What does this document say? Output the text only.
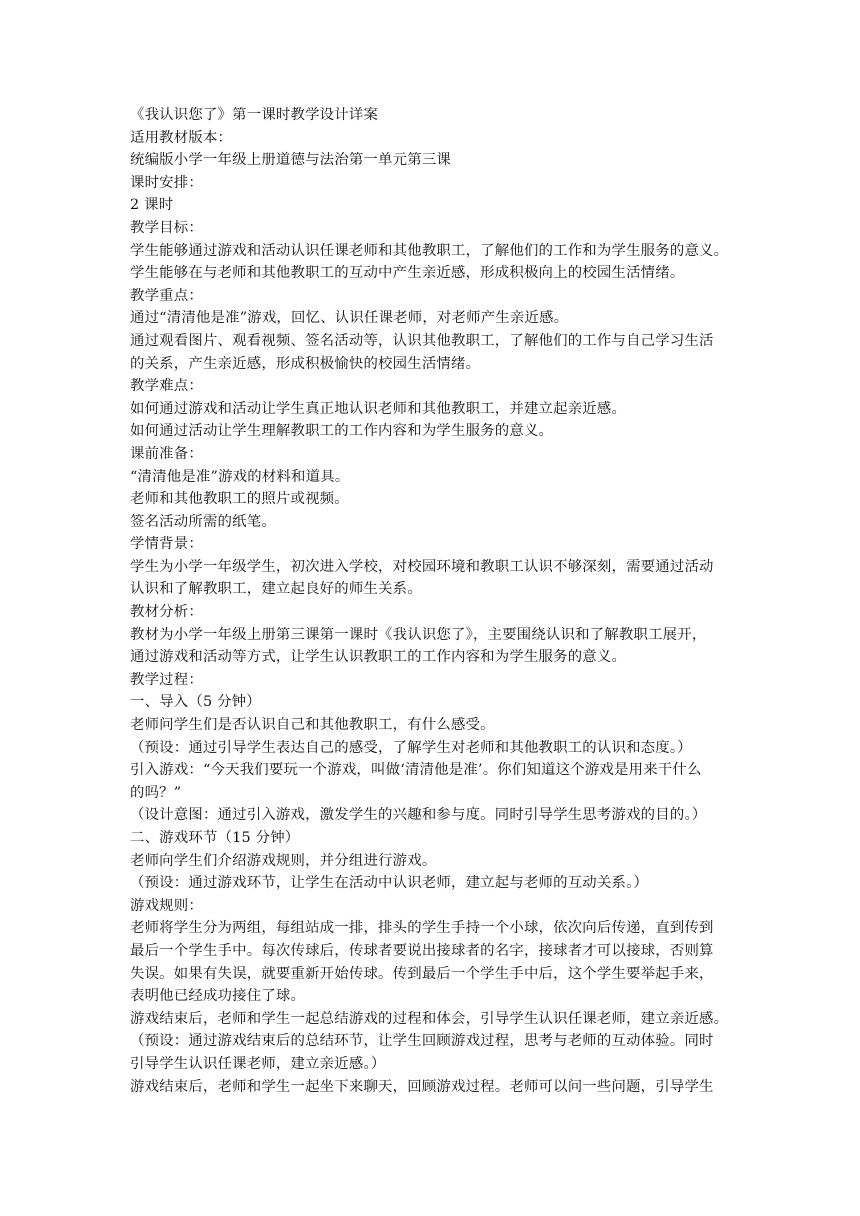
《我认识您了》第一课时教学设计详案
适用教材版本：
统编版小学一年级上册道德与法治第一单元第三课
课时安排：
2 课时
教学目标：
学生能够通过游戏和活动认识任课老师和其他教职工，了解他们的工作和为学生服务的意义。
学生能够在与老师和其他教职工的互动中产生亲近感，形成积极向上的校园生活情绪。
教学重点：
通过“清清他是准”游戏，回忆、认识任课老师，对老师产生亲近感。
通过观看图片、观看视频、签名活动等，认识其他教职工，了解他们的工作与自己学习生活
的关系，产生亲近感，形成积极愉快的校园生活情绪。
教学难点：
如何通过游戏和活动让学生真正地认识老师和其他教职工，并建立起亲近感。
如何通过活动让学生理解教职工的工作内容和为学生服务的意义。
课前准备：
“清清他是准”游戏的材料和道具。
老师和其他教职工的照片或视频。
签名活动所需的纸笔。
学情背景：
学生为小学一年级学生，初次进入学校，对校园环境和教职工认识不够深刻，需要通过活动
认识和了解教职工，建立起良好的师生关系。
教材分析：
教材为小学一年级上册第三课第一课时《我认识您了》，主要围绕认识和了解教职工展开，
通过游戏和活动等方式，让学生认识教职工的工作内容和为学生服务的意义。
教学过程：
一、导入（5 分钟）
老师问学生们是否认识自己和其他教职工，有什么感受。
（预设：通过引导学生表达自己的感受，了解学生对老师和其他教职工的认识和态度。）
引入游戏：“今天我们要玩一个游戏，叫做‘清清他是准’。你们知道这个游戏是用来干什么
的吗？”
（设计意图：通过引入游戏，激发学生的兴趣和参与度。同时引导学生思考游戏的目的。）
二、游戏环节（15 分钟）
老师向学生们介绍游戏规则，并分组进行游戏。
（预设：通过游戏环节，让学生在活动中认识老师，建立起与老师的互动关系。）
游戏规则：
老师将学生分为两组，每组站成一排，排头的学生手持一个小球，依次向后传递，直到传到
最后一个学生手中。每次传球后，传球者要说出接球者的名字，接球者才可以接球，否则算
失误。如果有失误，就要重新开始传球。传到最后一个学生手中后，这个学生要举起手来，
表明他已经成功接住了球。
游戏结束后，老师和学生一起总结游戏的过程和体会，引导学生认识任课老师，建立亲近感。
（预设：通过游戏结束后的总结环节，让学生回顾游戏过程，思考与老师的互动体验。同时
引导学生认识任课老师，建立亲近感。）
游戏结束后，老师和学生一起坐下来聊天，回顾游戏过程。老师可以问一些问题，引导学生
